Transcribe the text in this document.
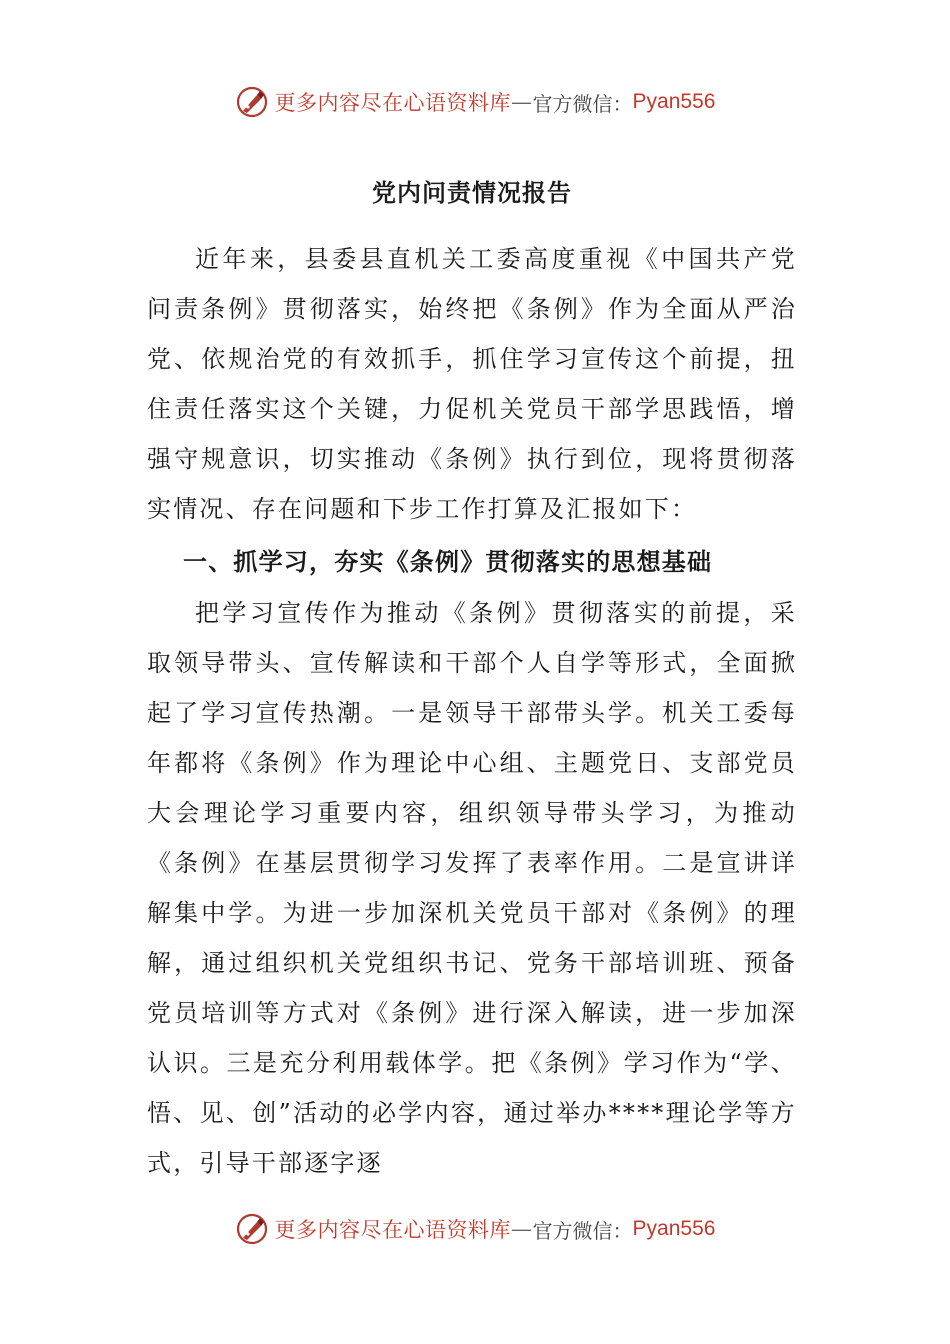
更多内容尽在心语资料库 — 官方微信： Pyan556
党内问责情况报告

近年来，县委县直机关工委高度重视《中国共产党问责条例》贯彻落实，始终把《条例》作为全面从严治党、依规治党的有效抓手，抓住学习宣传这个前提，扭住责任落实这个关键，力促机关党员干部学思践悟，增强守规意识，切实推动《条例》执行到位，现将贯彻落实情况、存在问题和下步工作打算及汇报如下：

一、抓学习，夯实《条例》贯彻落实的思想基础

把学习宣传作为推动《条例》贯彻落实的前提，采取领导带头、宣传解读和干部个人自学等形式，全面掀起了学习宣传热潮。一是领导干部带头学。机关工委每年都将《条例》作为理论中心组、主题党日、支部党员大会理论学习重要内容，组织领导带头学习，为推动《条例》在基层贯彻学习发挥了表率作用。二是宣讲详解集中学。为进一步加深机关党员干部对《条例》的理解，通过组织机关党组织书记、党务干部培训班、预备党员培训等方式对《条例》进行深入解读，进一步加深认识。三是充分利用载体学。把《条例》学习作为“学、悟、见、创”活动的必学内容，通过举办****理论学等方式，引导干部逐字逐

更多内容尽在心语资料库 — 官方微信： Pyan556
